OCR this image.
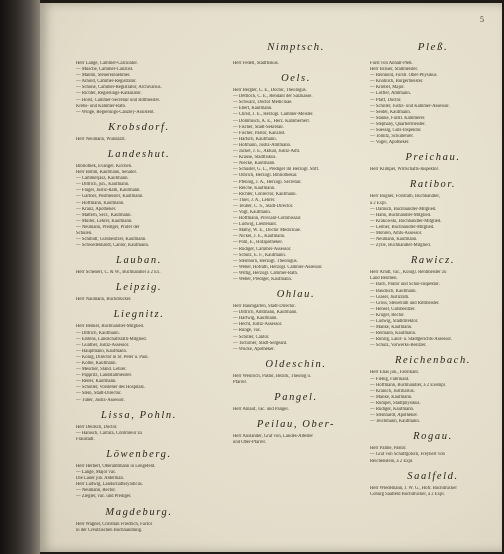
5
Nimptsch.	Pleß.
Herr Lange, Cammer-Calculator.
— Musche, Cammer-Canzlist.
— Mantin, Steuereinnehmer.
— Arnold, Cammer-Registrator.
— Schöne, Cammer-Registrator, Archivarius.
— Richter, Regierungs-Kalkulator.
— Horst, Cammer-Secretair und Rittmeister.
Krebs- und Kammer-Rath.
— Winge, Regierungs-Canzley-Assistent.
Krobsdorf.
Herr Neumann, Wundarzt.
Landeshut.
Bibliothek, Evangel. Kirchen.
Herr Böhm, Kaufmann, Senator.
— Cammerjäsz, Kaufmann.
— Dittrich, jun., Kaufmann.
— Flügel, Justiz-Rath, Kaufmann.
— Gärtner, Postmeister, Kaufmann.
— Hoffmann, Kaufmann.
— Kranz, Apotheker.
— Mattern, Secr., Kaufmann.
— Müller, Lehrer, Kaufmann.
— Neumann, Prediger, Prüfer der
Schulen.
— Schmidt, Gutsbesitzer, Kaufmann.
— Schwedenhardt, Cantor, Kaufmann.
Lauban.
Herr Scheuerl, C. & W., Buchhändler à 2 Ex.
Leipzig.
Herr Naumann, Buchdrucker.
Liegnitz.
Herr Benkel, Buchhändler-Mitglied.
— Dittrich, Kaufmann.
— Erstens, Landschaftsrath-Mitglied.
— Günther, Justiz-Assessor.
— Hauptmann, Kaufmann.
— König, Director in St. Peter u. Paul.
— Kolbe, Kaufmann.
— Mescher, Ständ. Lehrer.
— Pappritz, Landstallmeister.
— Reiter, Kaufmann.
— Scholler, Vorsteher des Hospitals.
— Stein, Stadt-Director.
— Tuber, Justiz-Assessor.
Lissa, Pohln.
Herr Deutsch, Doctor.
— Hänisch, Carrara, Contrôleur zu
Fraustadt.
Löwenberg.
Herr Herbert, Oberamtmann in Lengefeld.
— Lange, Major vac.
Die Lauer jun. Alderman.
Herr Ludwig, Landschaftssyndicus.
— Neumann, Rector.
— Ziegler, vac. und Prediger.
Magdeburg.
Herr Wagner, Christian Friedrich, Factor
in der Creutzischen Buchhandlung.
Herr Fedell, Stadtfiskus.
Oels.
Herr Bergler, C. E., Doctor, Theologus.
— Dettlöch, C. E., Rendant der Salzkasse.
— Schwarz, Doctor Medicinae.
— Ebert, Kaufmann.
— Christ, J. E., Herzogl. Cammer-Meister.
— Dommisch, A. E., Herz. Kammerherr.
— Fischer, Stadt-Sekretair.
— Fischer, Pastor, Kanzlist.
— Hartsch, Kaufmann.
— Hofmann, Justiz-Amtmann.
— Jäckel, J. E., Aktuar, Justiz-Amt.
— Krause, Stadtfiskus.
— Niecke, Kaufmann.
— Schuster, G. L., Prediger im Herzogl. Stift.
— Olbrich, Herzogl. Bibliothekar.
— Pfennig, J. A., Herzogl. Secretair.
— Reiche, Kaufmann.
— Richter, Conrector, Kaufmann.
— Thiel, J. A., Lehrer.
— Teuber, C. S., Stadt-Director.
— Vogt, Kaufmann.
— Hoffmann, Proviant-Commissair.
— Ludwig, Lieutenant.
— Mathy, W. E., Doctor Medicinae.
— Nickel, J. E., Kaufmann.
— Pohl, E., Hofapotheker.
— Rüdiger, Cammer-Assessor.
— Schulz, E. F., Kaufmann.
— Steinborn, Herzogl. Theologus.
— Weber, Hofrath, Herzogl. Cammer-Assessor.
— Wittig, Herzogl. Cammer-Rath.
— Weber, Prediger, Kaufmann.
Ohlau.
Herr Baumgarten, Stadt-Director.
— Dittrich, Amtmann, Kaufmann.
— Hartwig, Kaufmann.
— Hecht, Justiz-Assessor.
— Runge, vac.
— Schiller, Cantor.
— Tschirner, Stadt-Sergeant.
— Wucke, Apotheker.
Oldeschin.
Herr Weinrich, Pastor, Bezirk, Theolog u.
Pfarrer.
Pangel.
Herr Anlauf, vac. und Pangel.
Peilau, Ober-
Herr Ausländer, Graf von, Landes-Ältester
und Ober-Pfarrer.
Fürst von Anhalt-Pleß.
Herr Brauer, Stallmeister.
— Reinhold, Fürstl. Ober-Physikus.
— Knoblich, Bürgermeister.
— Kriebel, Major.
— Löffler, Amtmann.
— Pfaff, Doctor.
— Schiller, Justiz- und Kammer-Assessor.
— Seidel, Kaufmann.
— Stanke, Fürstl. Kämmerer.
— Stephany, Quartiermeister.
— Suessig, Guts-Inspektor.
— Tomitz, Schullehrer.
— Vogel, Apotheker.
Preichau.
Herr Klimpel, Wirtschafts-Inspektor.
Ratibor.
Herr Bögner, Forstrath, Buchhändler,
à 2 Expl.
— Damsch, Buchhändler-Mitglied.
— Hahn, Buchhändler-Mitglied.
— Krakowski, Buchhändler-Mitglied.
— Leitner, Buchhändler-Mitglied.
— Mohren, Amts-Assessor.
— Neumann, Kaufmann.
— Zylle, Buchhändler-Mitglied.
Rawicz.
Herr Arndt, vac., Königl. Rentmeister zu
Land Beuthen.
— Bach, Pastor und Schul-Inspektor.
— Baudisch, Kaufmann.
— Glasel, Justizrath.
— Gross, Steuerrath und Rittmeister.
— Hensel, Gutsbesitzer.
— Krüger, Rector.
— Ludwig, Stadtdirektor.
— Manke, Kaufmann.
— Reimann, Kaufmann.
— Rührig, Land- u. Stadtgerichts-Assessor.
— Schulz, Vorwerks-Besitzer.
Reichenbach.
Herr Elias jun., Fabrikant.
— Fiebig, Fabrikant.
— Hoffmann, Buchhändler, à 2 Exempl.
— Kranich, Justitiarius.
— Manke, Kaufmann.
— Rumpel, Stadtphysikus.
— Rüdiger, Kaufmann.
— Steinhardt, Apotheker.
— Teichmann, Kaufmann.
Rogau.
Herr Palme, Pastor.
— Graf von Schaffgotsch, Freyherr von
Reichenstein, à 2 Expl.
Saalfeld.
Herr Wiedemann, J. W. G., Hofr. Buchdrucker
Coburg Saalfeld Buchdrucker, à 2 Expl.
